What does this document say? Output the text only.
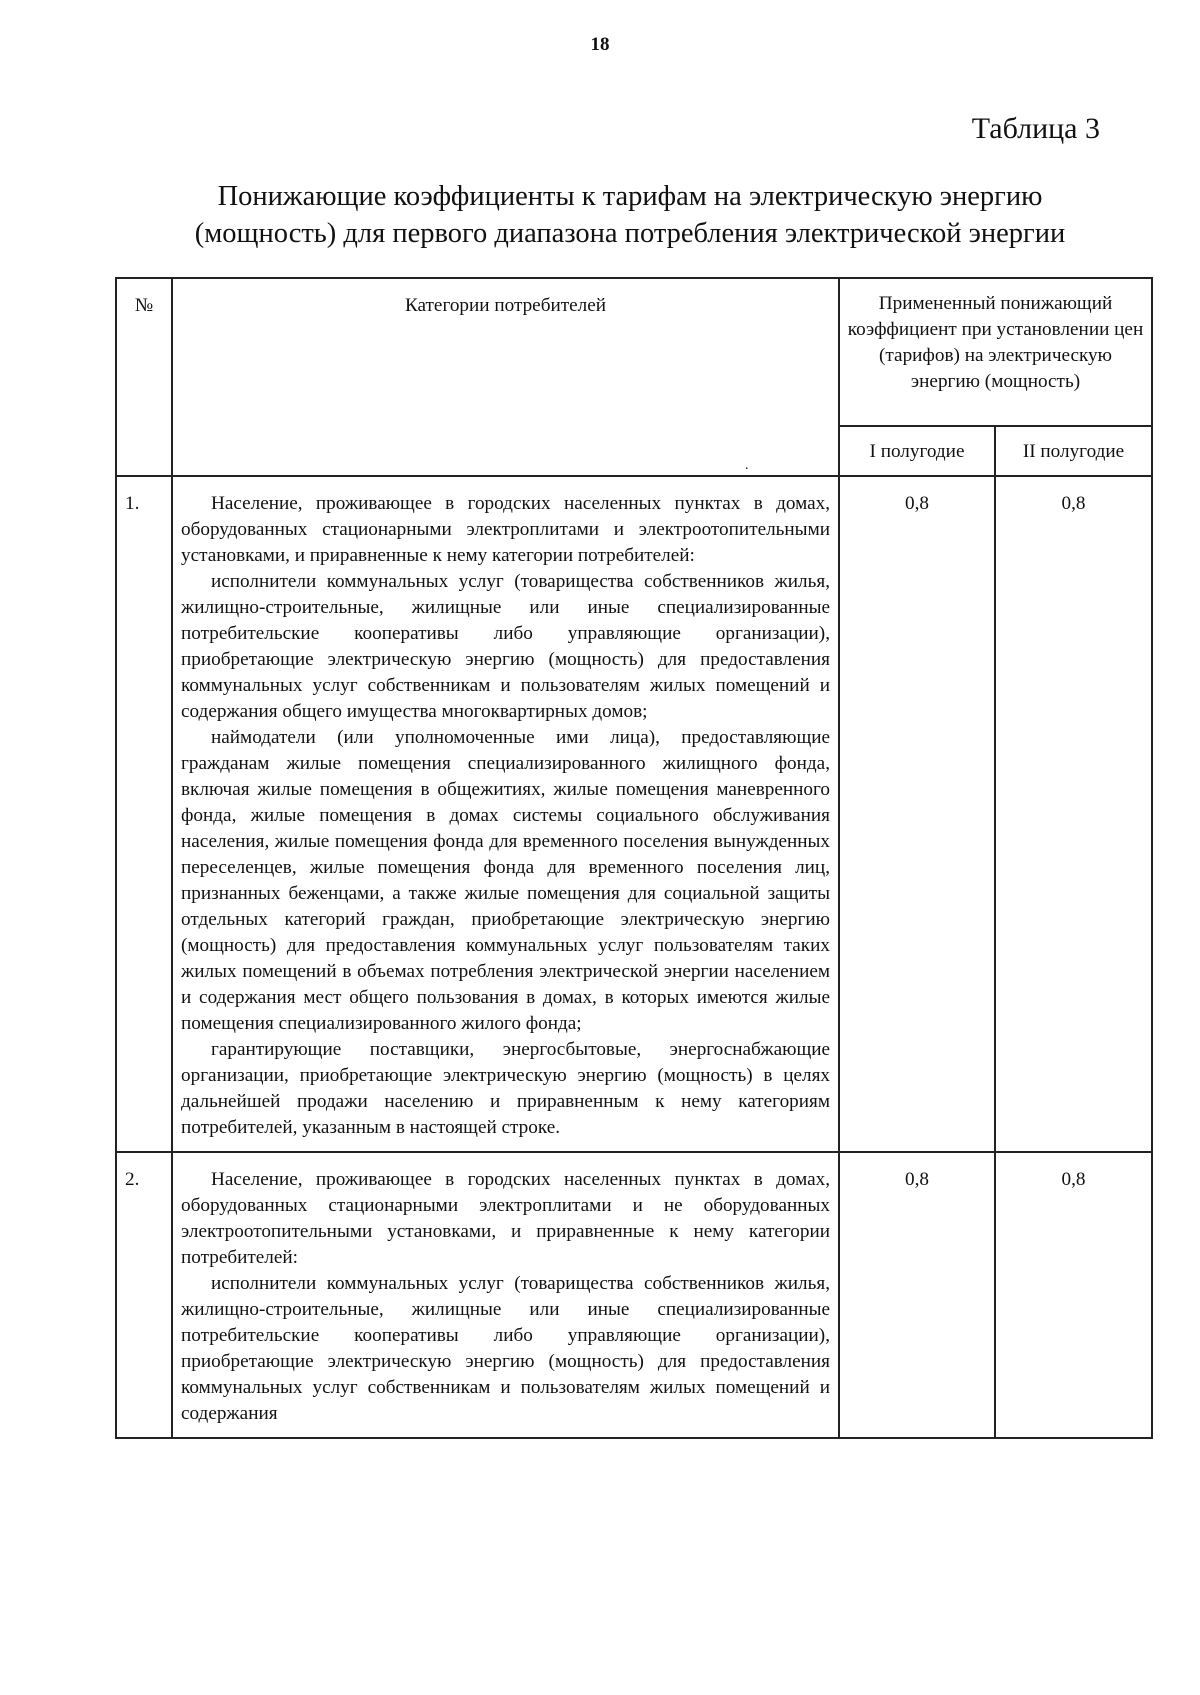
18
Таблица 3
Понижающие коэффициенты к тарифам на электрическую энергию (мощность) для первого диапазона потребления электрической энергии
№	Категории потребителей	Примененный понижающий коэффициент при установлении цен (тарифов) на электрическую энергию (мощность)	
		I полугодие	II полугодие
1.	Население, проживающее в городских населенных пунктах в домах, оборудованных стационарными электроплитами и электроотопительными установками, и приравненные к нему категории потребителей:

исполнители коммунальных услуг (товарищества собственников жилья, жилищно-строительные, жилищные или иные специализированные потребительские кооперативы либо управляющие организации), приобретающие электрическую энергию (мощность) для предоставления коммунальных услуг собственникам и пользователям жилых помещений и содержания общего имущества многоквартирных домов;

наймодатели (или уполномоченные ими лица), предоставляющие гражданам жилые помещения специализированного жилищного фонда, включая жилые помещения в общежитиях, жилые помещения маневренного фонда, жилые помещения в домах системы социального обслуживания населения, жилые помещения фонда для временного поселения вынужденных переселенцев, жилые помещения фонда для временного поселения лиц, признанных беженцами, а также жилые помещения для социальной защиты отдельных категорий граждан, приобретающие электрическую энергию (мощность) для предоставления коммунальных услуг пользователям таких жилых помещений в объемах потребления электрической энергии населением и содержания мест общего пользования в домах, в которых имеются жилые помещения специализированного жилого фонда;

гарантирующие поставщики, энергосбытовые, энергоснабжающие организации, приобретающие электрическую энергию (мощность) в целях дальнейшей продажи населению и приравненным к нему категориям потребителей, указанным в настоящей строке.	0,8	0,8
2.	Население, проживающее в городских населенных пунктах в домах, оборудованных стационарными электроплитами и не оборудованных электроотопительными установками, и приравненные к нему категории потребителей:

исполнители коммунальных услуг (товарищества собственников жилья, жилищно-строительные, жилищные или иные специализированные потребительские кооперативы либо управляющие организации), приобретающие электрическую энергию (мощность) для предоставления коммунальных услуг собственникам и пользователям жилых помещений и содержания	0,8	0,8
.
